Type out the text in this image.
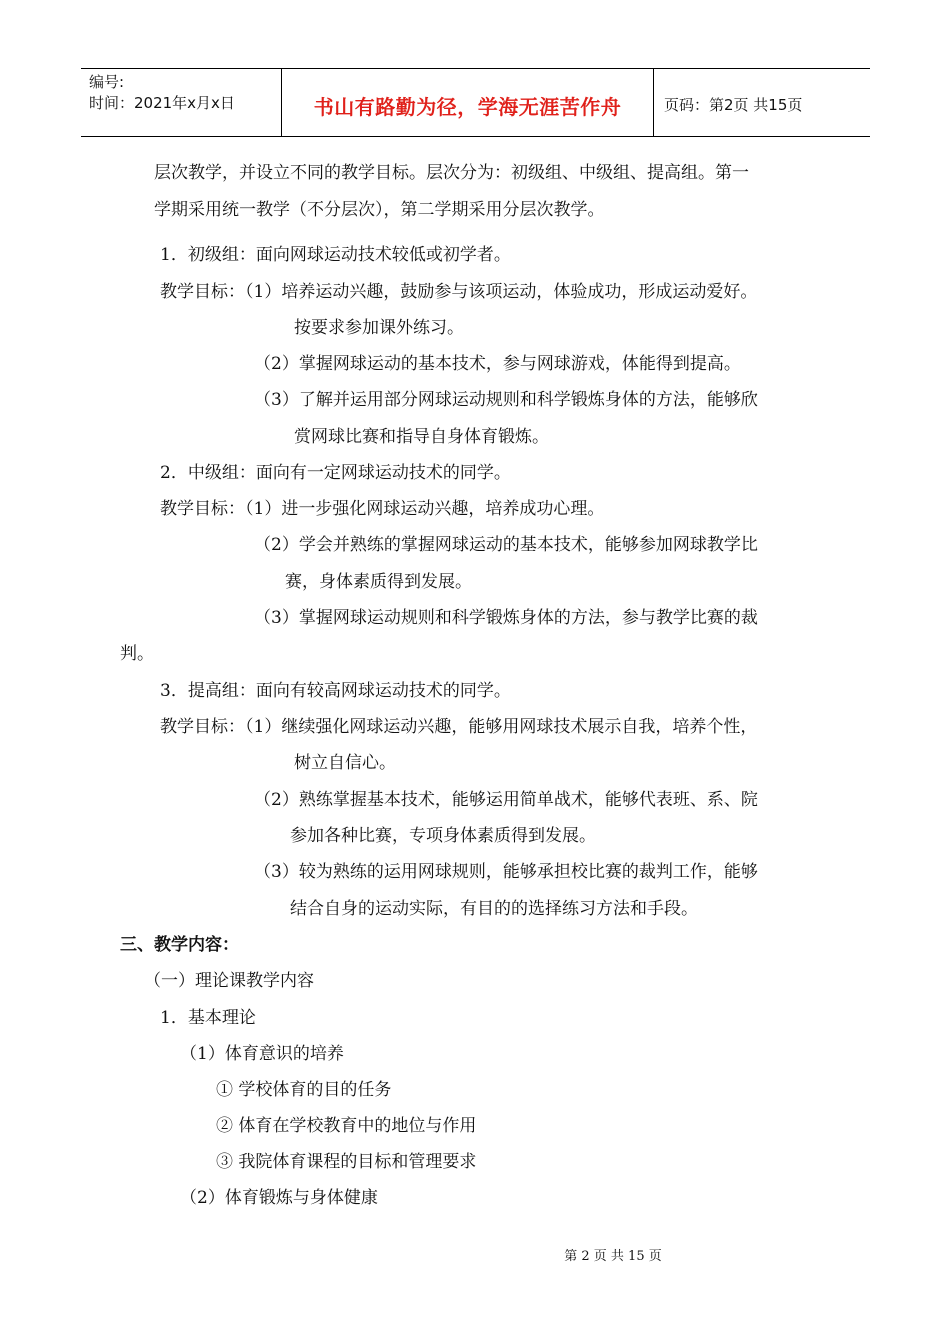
编号:
时间：2021年x月x日	书山有路勤为径，学海无涯苦作舟	页码：第2页 共15页
层次教学，并设立不同的教学目标。层次分为：初级组、中级组、提高组。第一
学期采用统一教学（不分层次），第二学期采用分层次教学。
1．初级组：面向网球运动技术较低或初学者。
教学目标：（1）培养运动兴趣，鼓励参与该项运动，体验成功，形成运动爱好。
按要求参加课外练习。
（2）掌握网球运动的基本技术，参与网球游戏，体能得到提高。
（3）了解并运用部分网球运动规则和科学锻炼身体的方法，能够欣
赏网球比赛和指导自身体育锻炼。
2．中级组：面向有一定网球运动技术的同学。
教学目标：（1）进一步强化网球运动兴趣，培养成功心理。
（2）学会并熟练的掌握网球运动的基本技术，能够参加网球教学比
赛，身体素质得到发展。
（3）掌握网球运动规则和科学锻炼身体的方法，参与教学比赛的裁
判。
3．提高组：面向有较高网球运动技术的同学。
教学目标：（1）继续强化网球运动兴趣，能够用网球技术展示自我，培养个性，
树立自信心。
（2）熟练掌握基本技术，能够运用简单战术，能够代表班、系、院
参加各种比赛，专项身体素质得到发展。
（3）较为熟练的运用网球规则，能够承担校比赛的裁判工作，能够
结合自身的运动实际，有目的的选择练习方法和手段。
三、教学内容：
（一）理论课教学内容
1．基本理论
（1）体育意识的培养
① 学校体育的目的任务
② 体育在学校教育中的地位与作用
③ 我院体育课程的目标和管理要求
（2）体育锻炼与身体健康
第 2 页 共 15 页
